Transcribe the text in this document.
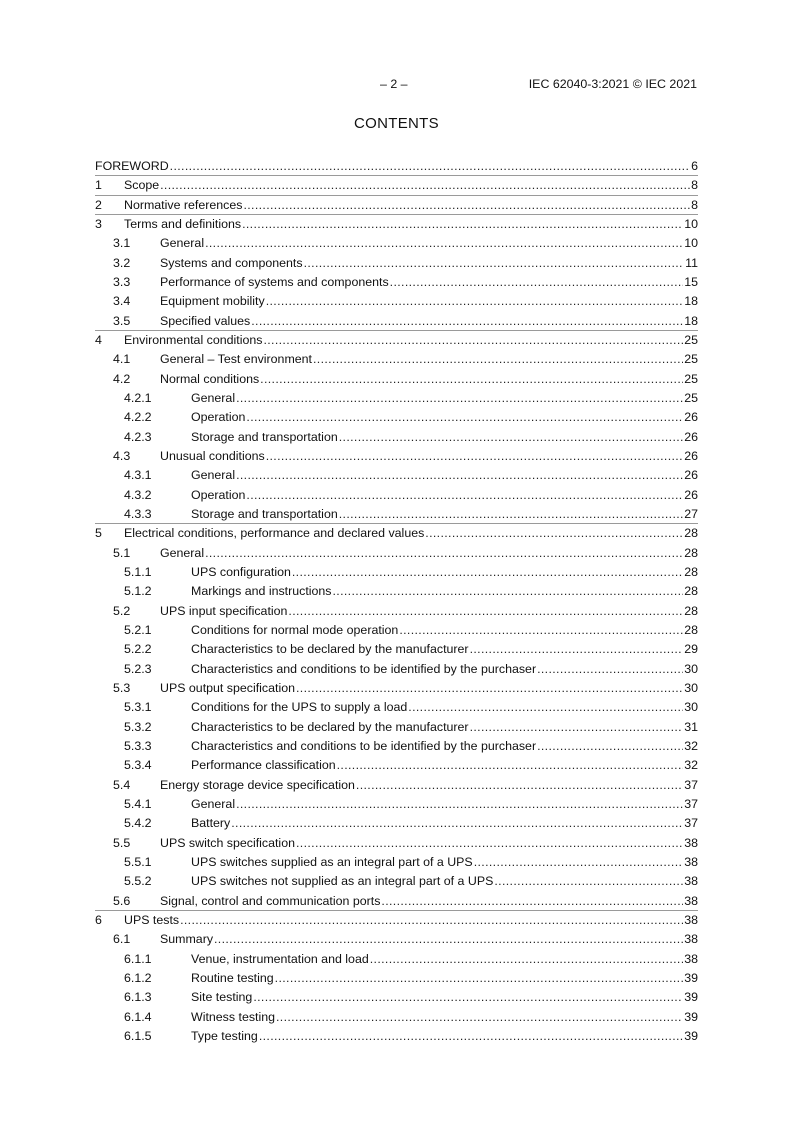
– 2 –	IEC 62040-3:2021 © IEC 2021
CONTENTS
FOREWORD .....	6
1 Scope .....	8
2 Normative references .....	8
3 Terms and definitions .....	10
3.1 General .....	10
3.2 Systems and components .....	11
3.3 Performance of systems and components .....	15
3.4 Equipment mobility .....	18
3.5 Specified values .....	18
4 Environmental conditions .....	25
4.1 General – Test environment .....	25
4.2 Normal conditions .....	25
4.2.1	General .....	25
4.2.2	Operation .....	26
4.2.3	Storage and transportation .....	26
4.3 Unusual conditions .....	26
4.3.1	General .....	26
4.3.2	Operation .....	26
4.3.3	Storage and transportation .....	27
5 Electrical conditions, performance and declared values .....	28
5.1 General .....	28
5.1.1	UPS configuration .....	28
5.1.2	Markings and instructions .....	28
5.2 UPS input specification .....	28
5.2.1	Conditions for normal mode operation .....	28
5.2.2	Characteristics to be declared by the manufacturer .....	29
5.2.3	Characteristics and conditions to be identified by the purchaser .....	30
5.3 UPS output specification .....	30
5.3.1	Conditions for the UPS to supply a load .....	30
5.3.2	Characteristics to be declared by the manufacturer .....	31
5.3.3	Characteristics and conditions to be identified by the purchaser .....	32
5.3.4	Performance classification .....	32
5.4 Energy storage device specification .....	37
5.4.1	General .....	37
5.4.2	Battery .....	37
5.5 UPS switch specification .....	38
5.5.1	UPS switches supplied as an integral part of a UPS .....	38
5.5.2	UPS switches not supplied as an integral part of a UPS .....	38
5.6 Signal, control and communication ports .....	38
6 UPS tests .....	38
6.1 Summary .....	38
6.1.1	Venue, instrumentation and load .....	38
6.1.2	Routine testing .....	39
6.1.3	Site testing .....	39
6.1.4	Witness testing .....	39
6.1.5	Type testing .....	39
